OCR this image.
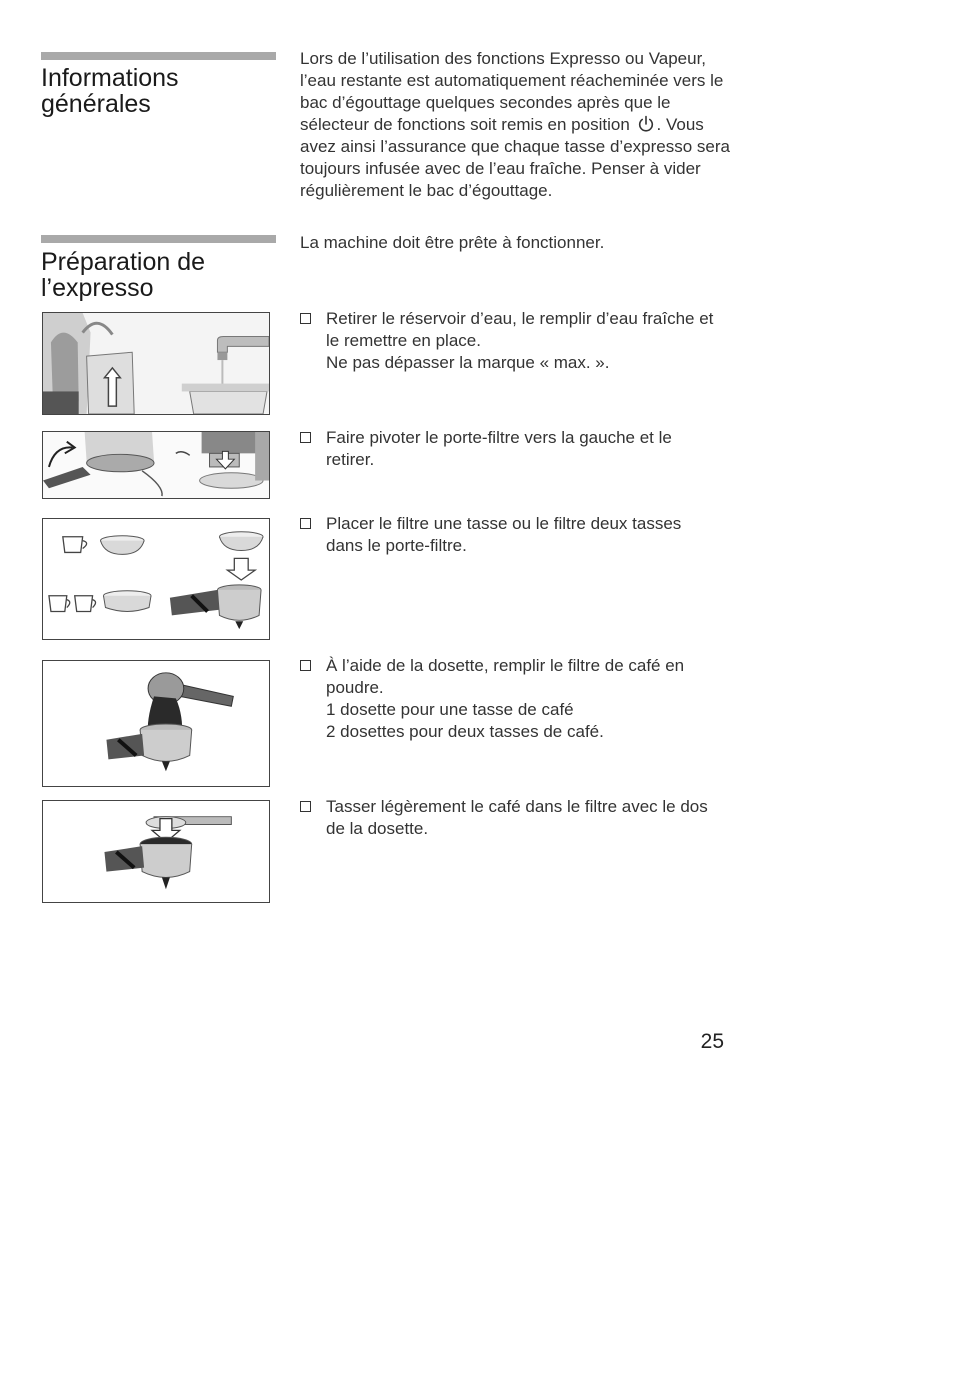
Informations
générales

Lors de l’utilisation des fonctions Expresso ou Vapeur, l’eau restante est automatiquement réacheminée vers le bac d’égouttage quelques secondes après que le sélecteur de fonctions soit remis en position . Vous avez ainsi l’assurance que chaque tasse d’expresso sera toujours infusée avec de l’eau fraîche. Penser à vider régulièrement le bac d’égouttage.

Préparation de
l’expresso

La machine doit être prête à fonctionner.

Retirer le réservoir d’eau, le remplir d’eau fraîche et
le remettre en place.
Ne pas dépasser la marque « max. ».
Faire pivoter le porte-filtre vers la gauche et le
retirer.
Placer le filtre une tasse ou le filtre deux tasses
dans le porte-filtre.
À l’aide de la dosette, remplir le filtre de café en
poudre.
1 dosette pour une tasse de café
2 dosettes pour deux tasses de café.
Tasser légèrement le café dans le filtre avec le dos
de la dosette.
25
